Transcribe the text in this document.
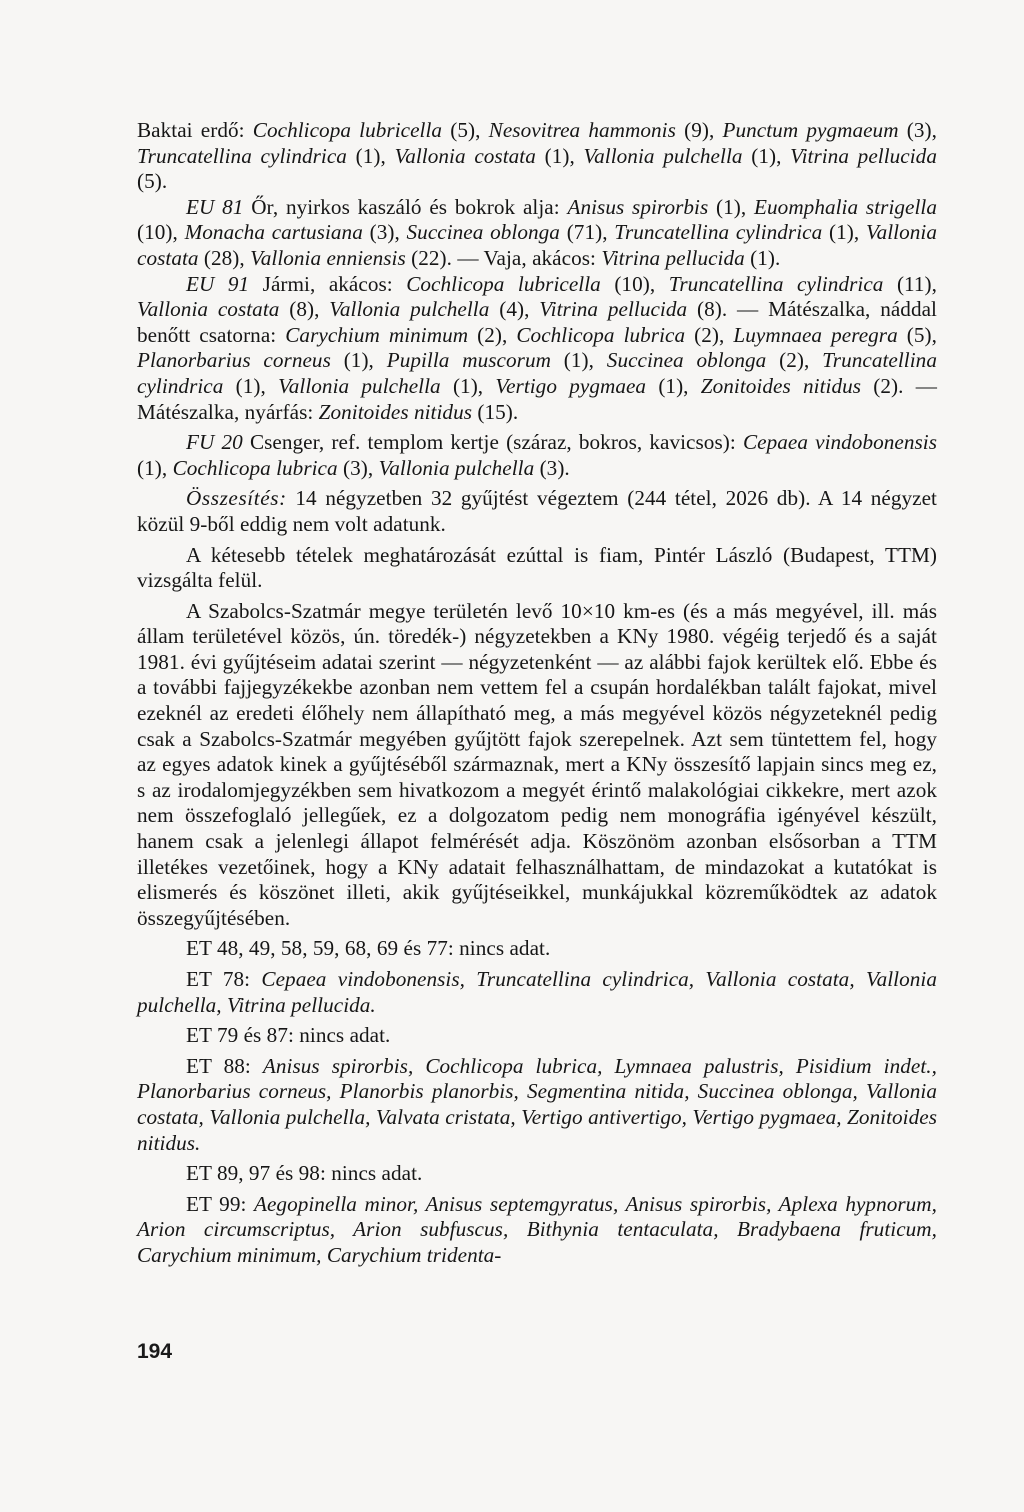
Baktai erdő: Cochlicopa lubricella (5), Nesovitrea hammonis (9), Punctum pygmaeum (3), Truncatellina cylindrica (1), Vallonia costata (1), Vallonia pulchella (1), Vitrina pellucida (5).

EU 81 Őr, nyirkos kaszáló és bokrok alja: Anisus spirorbis (1), Euomphalia strigella (10), Monacha cartusiana (3), Succinea oblonga (71), Truncatellina cylindrica (1), Vallonia costata (28), Vallonia enniensis (22). — Vaja, akácos: Vitrina pellucida (1).

EU 91 Jármi, akácos: Cochlicopa lubricella (10), Truncatellina cylindrica (11), Vallonia costata (8), Vallonia pulchella (4), Vitrina pellucida (8). — Mátészalka, náddal benőtt csatorna: Carychium minimum (2), Cochlicopa lubrica (2), Luymnaea peregra (5), Planorbarius corneus (1), Pupilla muscorum (1), Succinea oblonga (2), Truncatellina cylindrica (1), Vallonia pulchella (1), Vertigo pygmaea (1), Zonitoides nitidus (2). — Mátészalka, nyárfás: Zonitoides nitidus (15).

FU 20 Csenger, ref. templom kertje (száraz, bokros, kavicsos): Cepaea vindobonensis (1), Cochlicopa lubrica (3), Vallonia pulchella (3).

Összesítés: 14 négyzetben 32 gyűjtést végeztem (244 tétel, 2026 db). A 14 négyzet közül 9-ből eddig nem volt adatunk.

A kétesebb tételek meghatározását ezúttal is fiam, Pintér László (Budapest, TTM) vizsgálta felül.

A Szabolcs-Szatmár megye területén levő 10×10 km-es (és a más megyével, ill. más állam területével közös, ún. töredék-) négyzetekben a KNy 1980. végéig terjedő és a saját 1981. évi gyűjtéseim adatai szerint — négyzetenként — az alábbi fajok kerültek elő. Ebbe és a további fajjegyzékekbe azonban nem vettem fel a csupán hordalékban talált fajokat, mivel ezeknél az eredeti élőhely nem állapítható meg, a más megyével közös négyzeteknél pedig csak a Szabolcs-Szatmár megyében gyűjtött fajok szerepelnek. Azt sem tüntettem fel, hogy az egyes adatok kinek a gyűjtéséből származnak, mert a KNy összesítő lapjain sincs meg ez, s az irodalomjegyzékben sem hivatkozom a megyét érintő malakológiai cikkekre, mert azok nem összefoglaló jellegűek, ez a dolgozatom pedig nem monográfia igényével készült, hanem csak a jelenlegi állapot felmérését adja. Köszönöm azonban elsősorban a TTM illetékes vezetőinek, hogy a KNy adatait felhasználhattam, de mindazokat a kutatókat is elismerés és köszönet illeti, akik gyűjtéseikkel, munkájukkal közreműködtek az adatok összegyűjtésében.

ET 48, 49, 58, 59, 68, 69 és 77: nincs adat.

ET 78: Cepaea vindobonensis, Truncatellina cylindrica, Vallonia costata, Vallonia pulchella, Vitrina pellucida.

ET 79 és 87: nincs adat.

ET 88: Anisus spirorbis, Cochlicopa lubrica, Lymnaea palustris, Pisidium indet., Planorbarius corneus, Planorbis planorbis, Segmentina nitida, Succinea oblonga, Vallonia costata, Vallonia pulchella, Valvata cristata, Vertigo antivertigo, Vertigo pygmaea, Zonitoides nitidus.

ET 89, 97 és 98: nincs adat.

ET 99: Aegopinella minor, Anisus septemgyratus, Anisus spirorbis, Aplexa hypnorum, Arion circumscriptus, Arion subfuscus, Bithynia tentaculata, Bradybaena fruticum, Carychium minimum, Carychium tridenta-

194
